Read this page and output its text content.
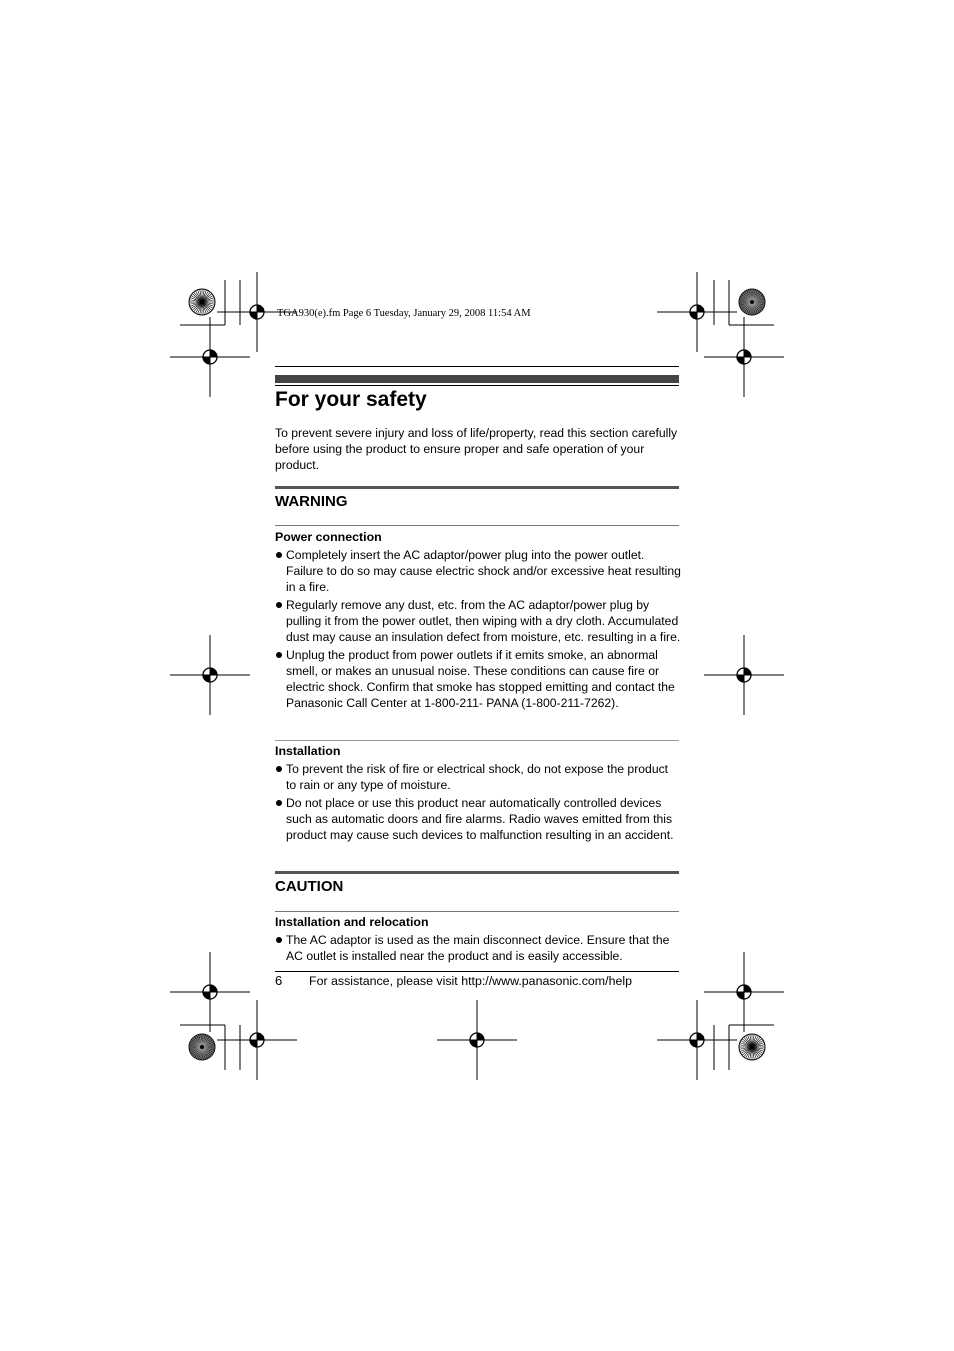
TGA930(e).fm Page 6 Tuesday, January 29, 2008 11:54 AM
For your safety
To prevent severe injury and loss of life/property, read this section carefully before using the product to ensure proper and safe operation of your product.
WARNING
Power connection
Completely insert the AC adaptor/power plug into the power outlet. Failure to do so may cause electric shock and/or excessive heat resulting in a fire.
Regularly remove any dust, etc. from the AC adaptor/power plug by pulling it from the power outlet, then wiping with a dry cloth. Accumulated dust may cause an insulation defect from moisture, etc. resulting in a fire.
Unplug the product from power outlets if it emits smoke, an abnormal smell, or makes an unusual noise. These conditions can cause fire or electric shock. Confirm that smoke has stopped emitting and contact the Panasonic Call Center at 1-800-211- PANA (1-800-211-7262).
Installation
To prevent the risk of fire or electrical shock, do not expose the product to rain or any type of moisture.
Do not place or use this product near automatically controlled devices such as automatic doors and fire alarms. Radio waves emitted from this product may cause such devices to malfunction resulting in an accident.
CAUTION
Installation and relocation
The AC adaptor is used as the main disconnect device. Ensure that the AC outlet is installed near the product and is easily accessible.
6 For assistance, please visit http://www.panasonic.com/help
